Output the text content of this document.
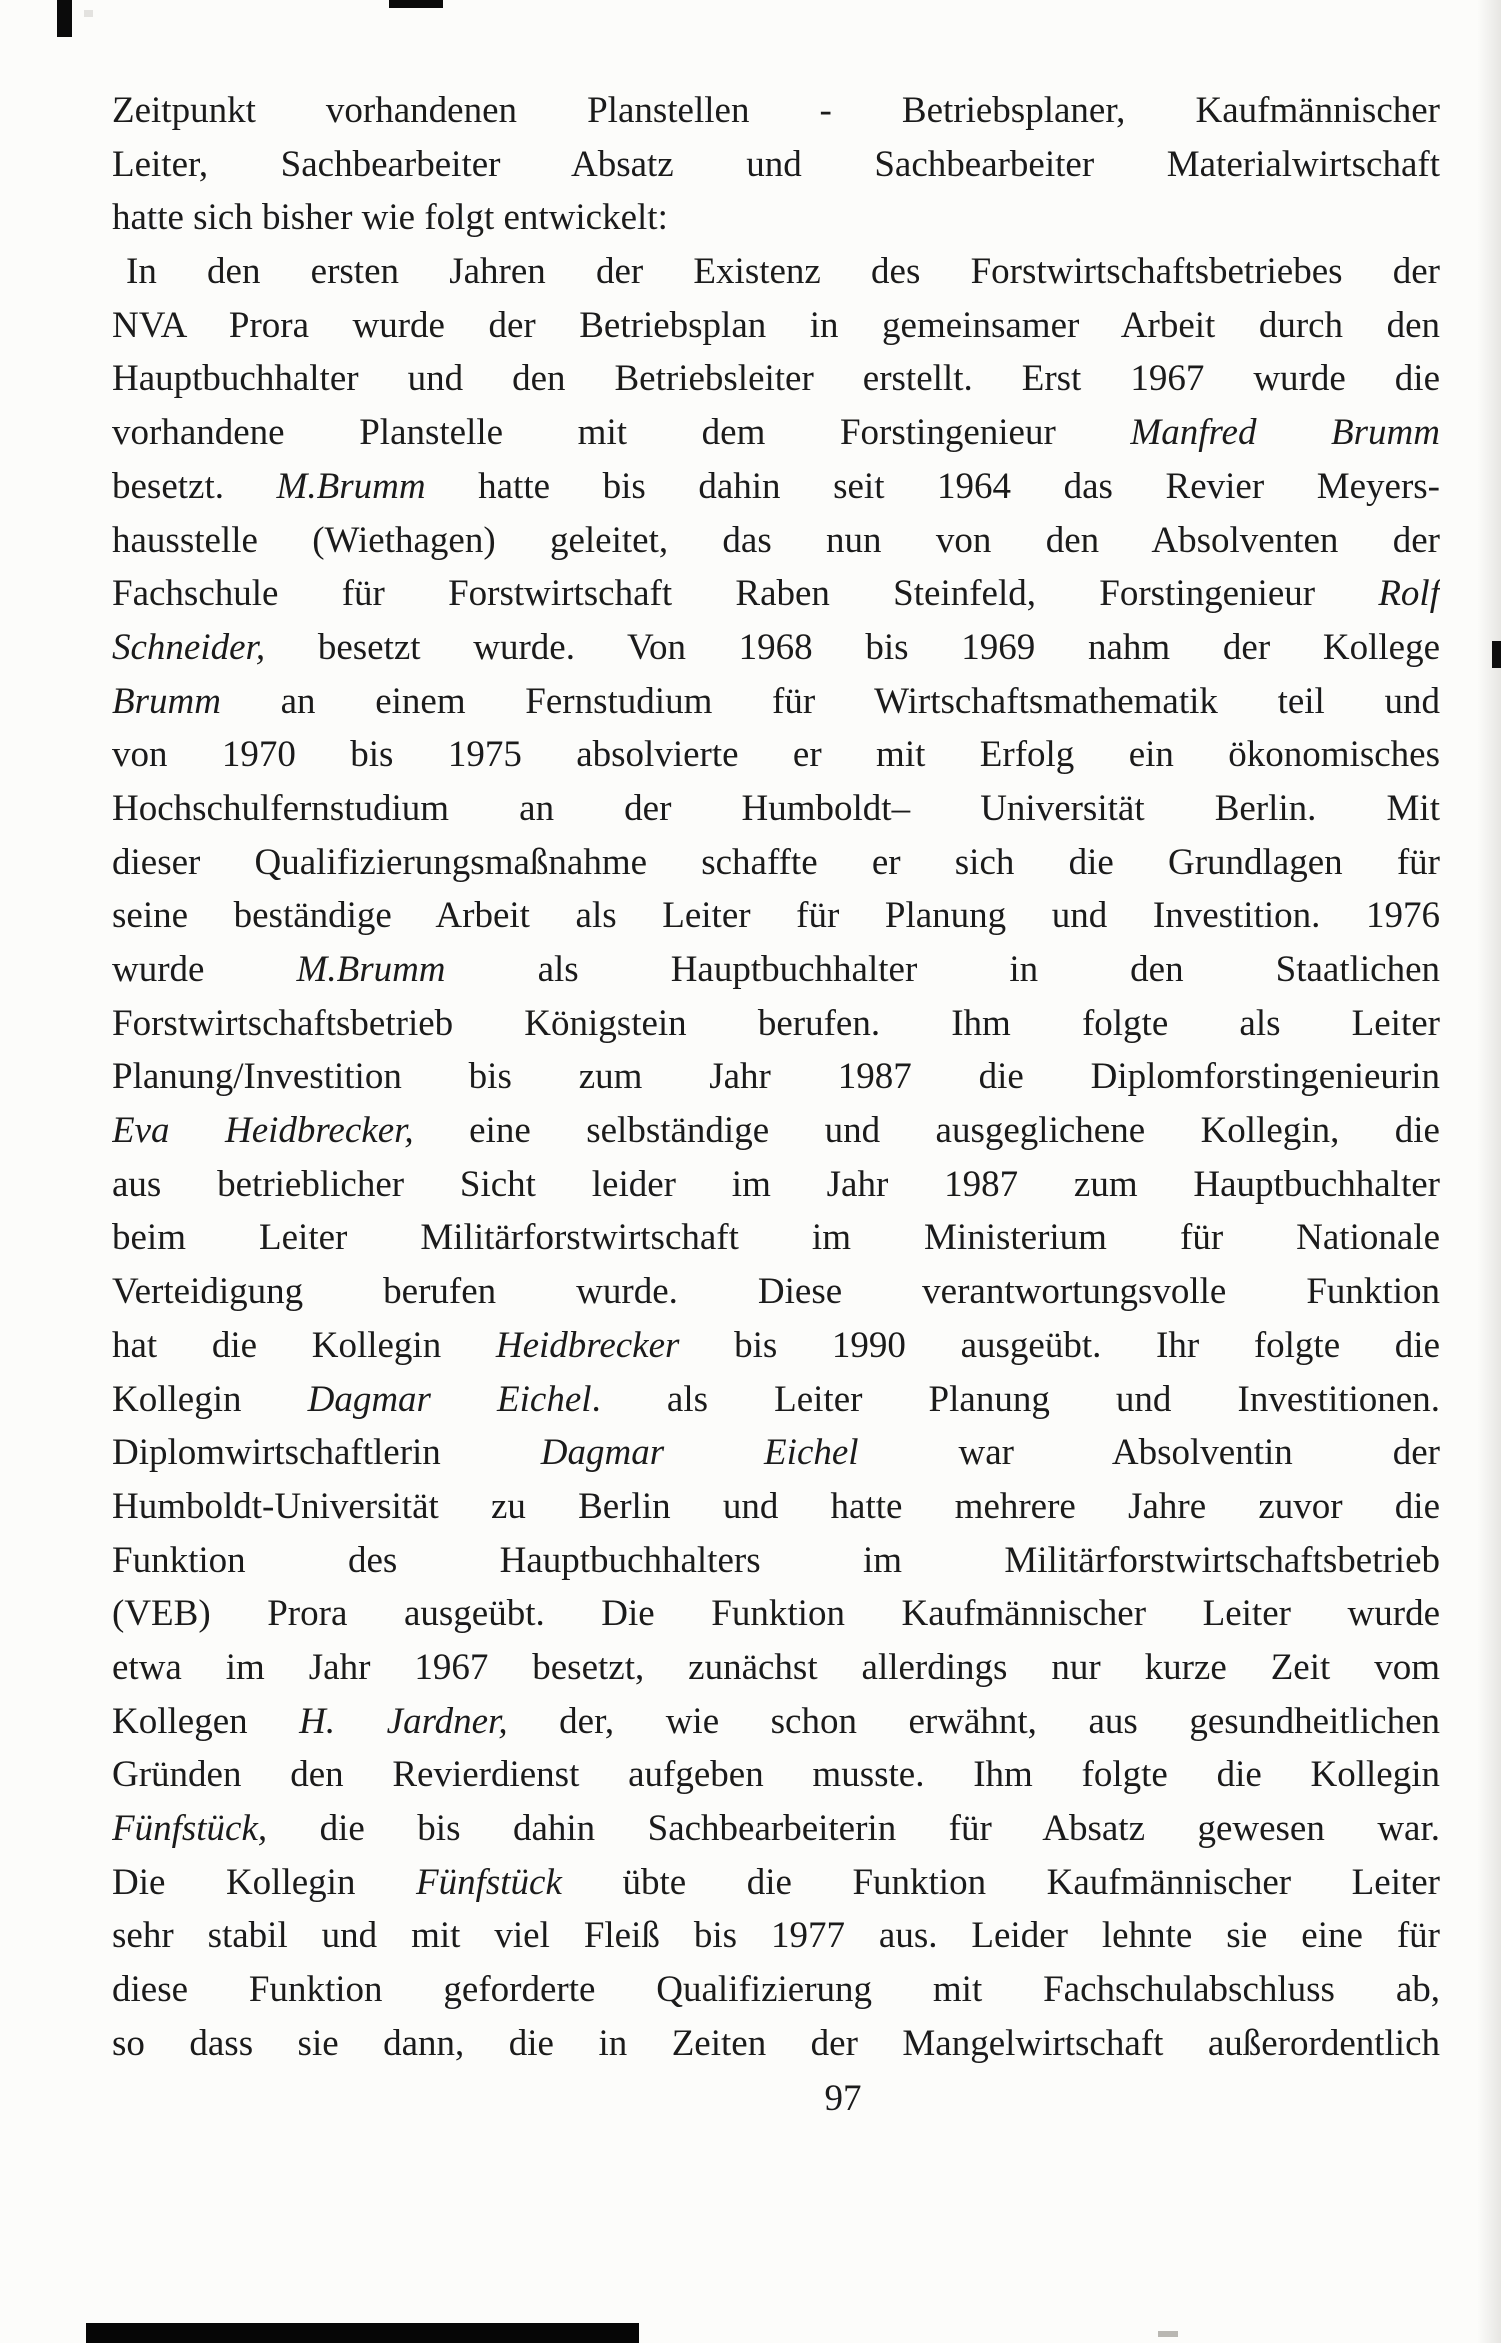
Zeitpunkt vorhandenen Planstellen - Betriebsplaner, Kaufmännischer
Leiter, Sachbearbeiter Absatz und Sachbearbeiter Materialwirtschaft
hatte sich bisher wie folgt entwickelt:
In den ersten Jahren der Existenz des Forstwirtschaftsbetriebes der
NVA Prora wurde der Betriebsplan in gemeinsamer Arbeit durch den
Hauptbuchhalter und den Betriebsleiter erstellt. Erst 1967 wurde die
vorhandene Planstelle mit dem Forstingenieur Manfred Brumm
besetzt. M.Brumm hatte bis dahin seit 1964 das Revier Meyers-
hausstelle (Wiethagen) geleitet, das nun von den Absolventen der
Fachschule für Forstwirtschaft Raben Steinfeld, Forstingenieur Rolf
Schneider, besetzt wurde. Von 1968 bis 1969 nahm der Kollege
Brumm an einem Fernstudium für Wirtschaftsmathematik teil und
von 1970 bis 1975 absolvierte er mit Erfolg ein ökonomisches
Hochschulfernstudium an der Humboldt– Universität Berlin. Mit
dieser Qualifizierungsmaßnahme schaffte er sich die Grundlagen für
seine beständige Arbeit als Leiter für Planung und Investition. 1976
wurde M.Brumm als Hauptbuchhalter in den Staatlichen
Forstwirtschaftsbetrieb Königstein berufen. Ihm folgte als Leiter
Planung/Investition bis zum Jahr 1987 die Diplomforstingenieurin
Eva Heidbrecker, eine selbständige und ausgeglichene Kollegin, die
aus betrieblicher Sicht leider im Jahr 1987 zum Hauptbuchhalter
beim Leiter Militärforstwirtschaft im Ministerium für Nationale
Verteidigung berufen wurde. Diese verantwortungsvolle Funktion
hat die Kollegin Heidbrecker bis 1990 ausgeübt. Ihr folgte die
Kollegin Dagmar Eichel. als Leiter Planung und Investitionen.
Diplomwirtschaftlerin Dagmar Eichel war Absolventin der
Humboldt-Universität zu Berlin und hatte mehrere Jahre zuvor die
Funktion des Hauptbuchhalters im Militärforstwirtschaftsbetrieb
(VEB) Prora ausgeübt. Die Funktion Kaufmännischer Leiter wurde
etwa im Jahr 1967 besetzt, zunächst allerdings nur kurze Zeit vom
Kollegen H. Jardner, der, wie schon erwähnt, aus gesundheitlichen
Gründen den Revierdienst aufgeben musste. Ihm folgte die Kollegin
Fünfstück, die bis dahin Sachbearbeiterin für Absatz gewesen war.
Die Kollegin Fünfstück übte die Funktion Kaufmännischer Leiter
sehr stabil und mit viel Fleiß bis 1977 aus. Leider lehnte sie eine für
diese Funktion geforderte Qualifizierung mit Fachschulabschluss ab,
so dass sie dann, die in Zeiten der Mangelwirtschaft außerordentlich
97
